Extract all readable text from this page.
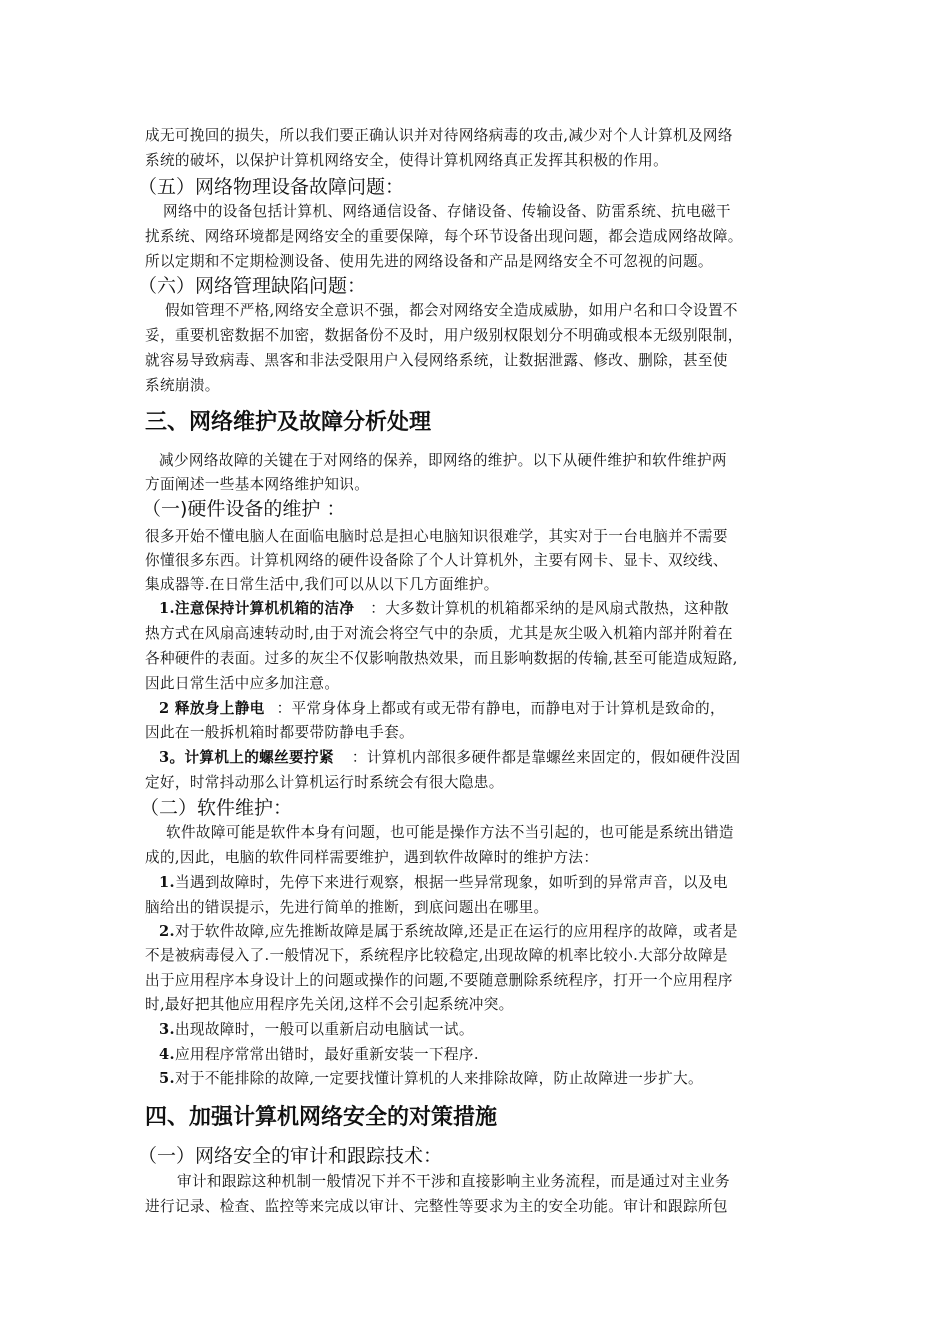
成无可挽回的损失，所以我们要正确认识并对待网络病毒的攻击,减少对个人计算机及网络
系统的破坏，以保护计算机网络安全，使得计算机网络真正发挥其积极的作用。
（五）网络物理设备故障问题：
网络中的设备包括计算机、网络通信设备、存储设备、传输设备、防雷系统、抗电磁干
扰系统、网络环境都是网络安全的重要保障，每个环节设备出现问题，都会造成网络故障。
所以定期和不定期检测设备、使用先进的网络设备和产品是网络安全不可忽视的问题。
（六）网络管理缺陷问题：
假如管理不严格,网络安全意识不强，都会对网络安全造成威胁，如用户名和口令设置不
妥，重要机密数据不加密，数据备份不及时，用户级别权限划分不明确或根本无级别限制，
就容易导致病毒、黑客和非法受限用户入侵网络系统，让数据泄露、修改、删除，甚至使
系统崩溃。
三、网络维护及故障分析处理
减少网络故障的关键在于对网络的保养，即网络的维护。以下从硬件维护和软件维护两
方面阐述一些基本网络维护知识。
（一)硬件设备的维护 ：
很多开始不懂电脑人在面临电脑时总是担心电脑知识很难学，其实对于一台电脑并不需要
你懂很多东西。计算机网络的硬件设备除了个人计算机外，主要有网卡、显卡、双绞线、
集成器等.在日常生活中,我们可以从以下几方面维护。
1.注意保持计算机机箱的洁净 ：大多数计算机的机箱都采纳的是风扇式散热，这种散
热方式在风扇高速转动时,由于对流会将空气中的杂质，尤其是灰尘吸入机箱内部并附着在
各种硬件的表面。过多的灰尘不仅影响散热效果，而且影响数据的传输,甚至可能造成短路,
因此日常生活中应多加注意。
2 释放身上静电 ：平常身体身上都或有或无带有静电，而静电对于计算机是致命的，
因此在一般拆机箱时都要带防静电手套。
3。计算机上的螺丝要拧紧 ：计算机内部很多硬件都是靠螺丝来固定的，假如硬件没固
定好，时常抖动那么计算机运行时系统会有很大隐患。
（二）软件维护：
软件故障可能是软件本身有问题，也可能是操作方法不当引起的，也可能是系统出错造
成的,因此，电脑的软件同样需要维护，遇到软件故障时的维护方法：
1.当遇到故障时，先停下来进行观察，根据一些异常现象，如听到的异常声音，以及电
脑给出的错误提示，先进行简单的推断，到底问题出在哪里。
2.对于软件故障,应先推断故障是属于系统故障,还是正在运行的应用程序的故障，或者是
不是被病毒侵入了.一般情况下，系统程序比较稳定,出现故障的机率比较小.大部分故障是
出于应用程序本身设计上的问题或操作的问题,不要随意删除系统程序，打开一个应用程序
时,最好把其他应用程序先关闭,这样不会引起系统冲突。
3.出现故障时，一般可以重新启动电脑试一试。
4.应用程序常常出错时，最好重新安装一下程序.
5.对于不能排除的故障,一定要找懂计算机的人来排除故障，防止故障进一步扩大。
四、加强计算机网络安全的对策措施
（一）网络安全的审计和跟踪技术：
审计和跟踪这种机制一般情况下并不干涉和直接影响主业务流程，而是通过对主业务
进行记录、检查、监控等来完成以审计、完整性等要求为主的安全功能。审计和跟踪所包
